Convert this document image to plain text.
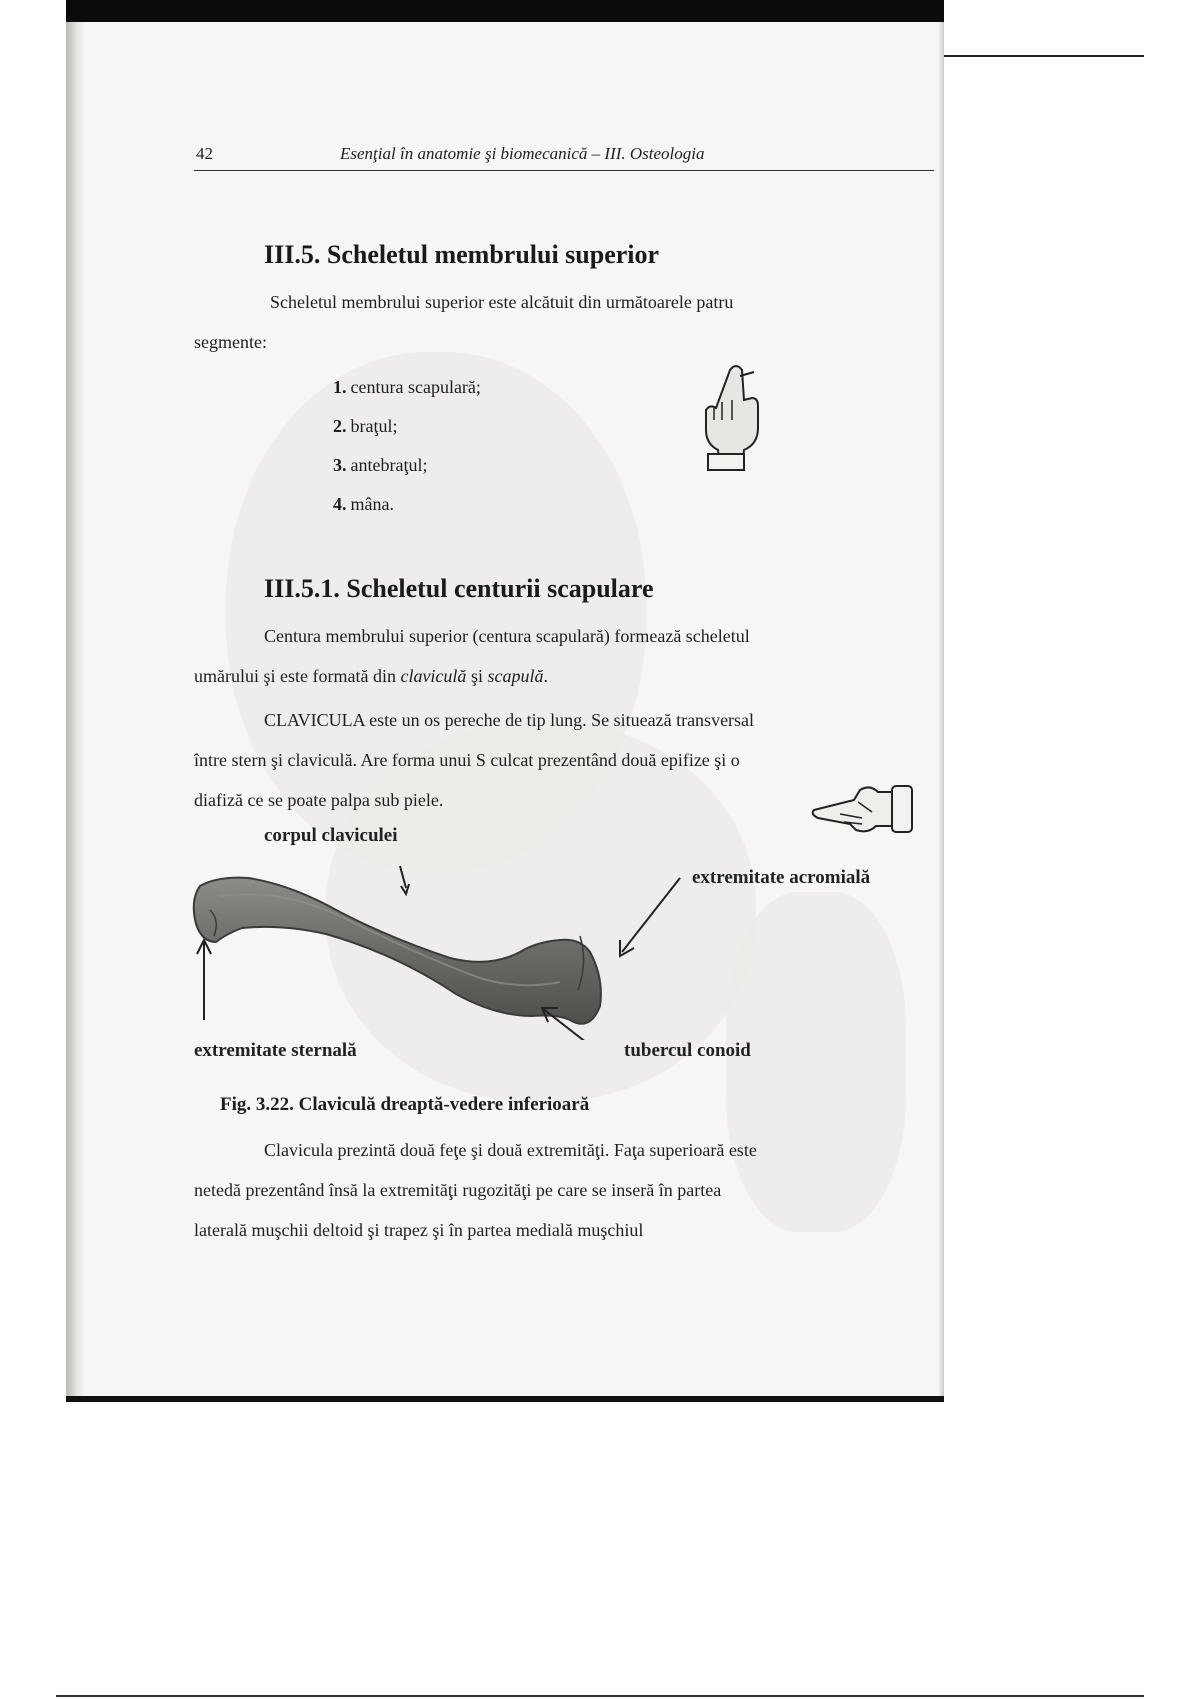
42	Esenţial în anatomie şi biomecanică – III. Osteologia
III.5. Scheletul membrului superior

Scheletul membrului superior este alcătuit din următoarele patru

segmente:

1. centura scapulară;
2. braţul;
3. antebraţul;
4. mâna.
III.5.1. Scheletul centurii scapulare

Centura membrului superior (centura scapulară) formează scheletul

umărului şi este formată din claviculă şi scapulă.

CLAVICULA este un os pereche de tip lung. Se situează transversal

între stern şi claviculă. Are forma unui S culcat prezentând două epifize şi o

diafiză ce se poate palpa sub piele.

corpul claviculei
extremitate acromială
extremitate sternală	tubercul conoid
Fig. 3.22. Claviculă dreaptă-vedere inferioară

Clavicula prezintă două feţe şi două extremităţi. Faţa superioară este

netedă prezentând însă la extremităţi rugozităţi pe care se inseră în partea

laterală muşchii deltoid şi trapez şi în partea medială muşchiul
